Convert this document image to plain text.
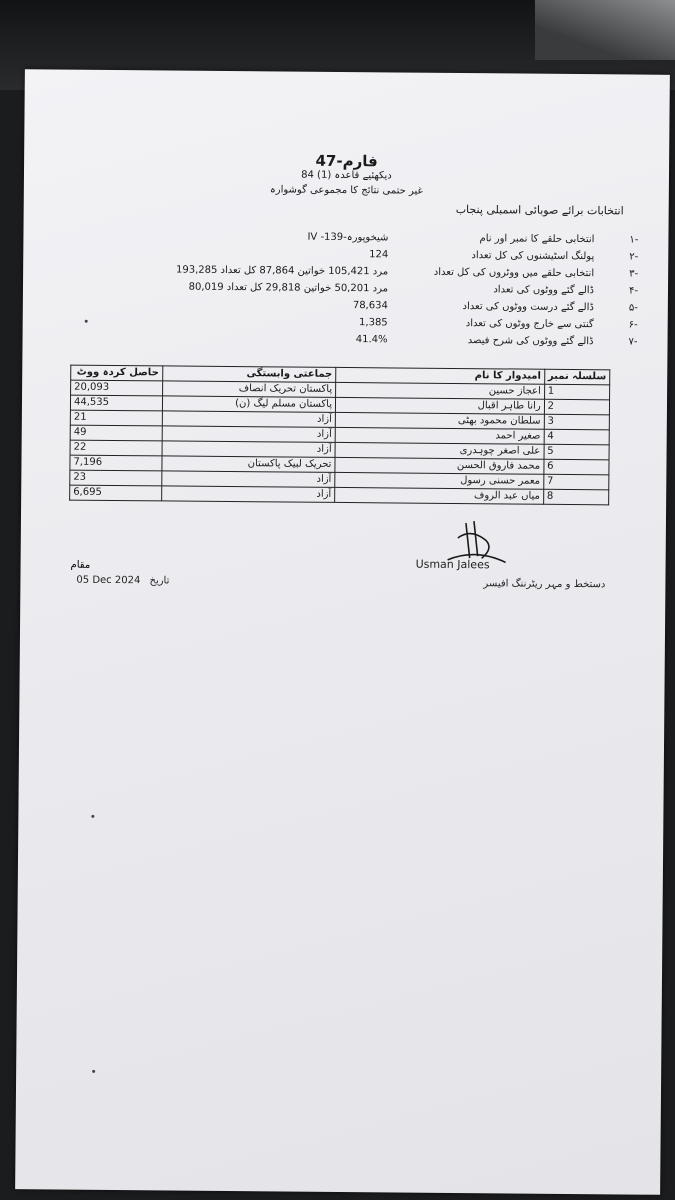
فارم-47
دیکھئیے قاعدہ (1) 84
غیر حتمی نتائج کا مجموعی گوشوارہ
انتخابات برائے صوبائی اسمبلی پنجاب
-۱
انتخابی حلقے کا نمبر اور نام
شیخوپورہ-139- IV
-۲
پولنگ اسٹیشنوں کی کل تعداد
124
-۳
انتخابی حلقے میں ووٹروں کی کل تعداد
مرد 105,421 خواتین 87,864 کل تعداد 193,285
-۴
ڈالے گئے ووٹوں کی تعداد
مرد 50,201 خواتین 29,818 کل تعداد 80,019
-۵
ڈالے گئے درست ووٹوں کی تعداد
78,634
-۶
گنتی سے خارج ووٹوں کی تعداد
1,385
-۷
ڈالے گئے ووٹوں کی شرح فیصد
41.4%
حاصل کردہ ووٹ	جماعتی وابستگی	امیدوار کا نام	سلسلہ نمبر
20,093	پاکستان تحریک انصاف	اعجاز حسین	1
44,535	پاکستان مسلم لیگ (ن)	رانا طاہر اقبال	2
21	آزاد	سلطان محمود بھٹی	3
49	آزاد	صغیر احمد	4
22	آزاد	علی اصغر چوہدری	5
7,196	تحریک لبیک پاکستان	محمد فاروق الحسن	6
23	آزاد	معمر حسنی رسول	7
6,695	آزاد	میاں عبد الروف	8
Usman Jalees
دستخط و مہر ریٹرننگ افیسر
مقام
05 Dec 2024 تاریخ
